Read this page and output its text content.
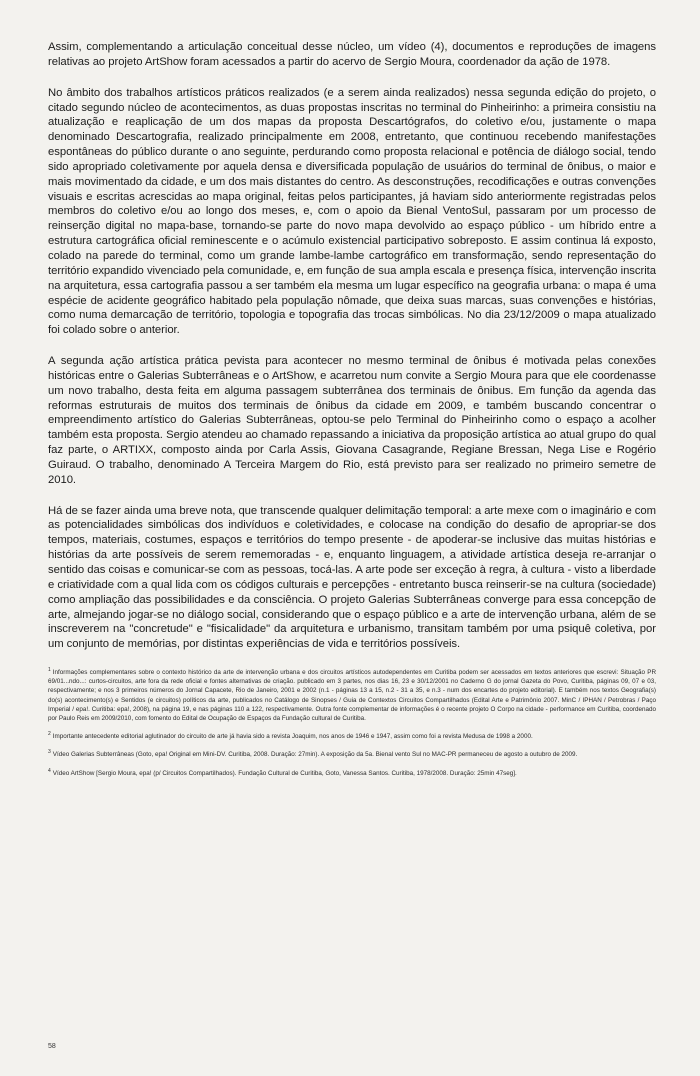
Assim, complementando a articulação conceitual desse núcleo, um vídeo (4), documentos e reproduções de imagens relativas ao projeto ArtShow foram acessados a partir do acervo de Sergio Moura, coordenador da ação de 1978.

No âmbito dos trabalhos artísticos práticos realizados (e a serem ainda realizados) nessa segunda edição do projeto, o citado segundo núcleo de acontecimentos, as duas propostas inscritas no terminal do Pinheirinho: a primeira consistiu na atualização e reaplicação de um dos mapas da proposta Descartógrafos, do coletivo e/ou, justamente o mapa denominado Descartografia, realizado principalmente em 2008, entretanto, que continuou recebendo manifestações espontâneas do público durante o ano seguinte, perdurando como proposta relacional e potência de diálogo social, tendo sido apropriado coletivamente por aquela densa e diversificada população de usuários do terminal de ônibus, o maior e mais movimentado da cidade, e um dos mais distantes do centro. As desconstruções, recodificações e outras convenções visuais e escritas acrescidas ao mapa original, feitas pelos participantes, já haviam sido anteriormente registradas pelos membros do coletivo e/ou ao longo dos meses, e, com o apoio da Bienal VentoSul, passaram por um processo de reinserção digital no mapa-base, tornando-se parte do novo mapa devolvido ao espaço público - um híbrido entre a estrutura cartográfica oficial reminescente e o acúmulo existencial participativo sobreposto. E assim continua lá exposto, colado na parede do terminal, como um grande lambe-lambe cartográfico em transformação, sendo representação do território expandido vivenciado pela comunidade, e, em função de sua ampla escala e presença física, intervenção inscrita na arquitetura, essa cartografia passou a ser também ela mesma um lugar específico na geografia urbana: o mapa é uma espécie de acidente geográfico habitado pela população nômade, que deixa suas marcas, suas convenções e histórias, como numa demarcação de território, topologia e topografia das trocas simbólicas. No dia 23/12/2009 o mapa atualizado foi colado sobre o anterior.

A segunda ação artística prática pevista para acontecer no mesmo terminal de ônibus é motivada pelas conexões históricas entre o Galerias Subterrâneas e o ArtShow, e acarretou num convite a Sergio Moura para que ele coordenasse um novo trabalho, desta feita em alguma passagem subterrânea dos terminais de ônibus. Em função da agenda das reformas estruturais de muitos dos terminais de ônibus da cidade em 2009, e também buscando concentrar o empreendimento artístico do Galerias Subterrâneas, optou-se pelo Terminal do Pinheirinho como o espaço a acolher também esta proposta. Sergio atendeu ao chamado repassando a iniciativa da proposição artística ao atual grupo do qual faz parte, o ARTIXX, composto ainda por Carla Assis, Giovana Casagrande, Regiane Bressan, Nega Lise e Rogério Guiraud. O trabalho, denominado A Terceira Margem do Rio, está previsto para ser realizado no primeiro semetre de 2010.

Há de se fazer ainda uma breve nota, que transcende qualquer delimitação temporal: a arte mexe com o imaginário e com as potencialidades simbólicas dos indivíduos e coletividades, e colocase na condição do desafio de apropriar-se dos tempos, materiais, costumes, espaços e territórios do tempo presente - de apoderar-se inclusive das muitas histórias e histórias da arte possíveis de serem rememoradas - e, enquanto linguagem, a atividade artística deseja re-arranjar o sentido das coisas e comunicar-se com as pessoas, tocá-las. A arte pode ser exceção à regra, à cultura - visto a liberdade e criatividade com a qual lida com os códigos culturais e percepções - entretanto busca reinserir-se na cultura (sociedade) como ampliação das possibilidades e da consciência. O projeto Galerias Subterrâneas converge para essa concepção de arte, almejando jogar-se no diálogo social, considerando que o espaço público e a arte de intervenção urbana, além de se inscreverem na "concretude" e "fisicalidade" da arquitetura e urbanismo, transitam também por uma psiquê coletiva, por um conjunto de memórias, por distintas experiências de vida e territórios possíveis.

$^1$ Informações complementares sobre o contexto histórico da arte de intervenção urbana e dos circuitos artísticos autodependentes em Curitiba podem ser acessados em textos anteriores que escrevi: Situação PR 69/01...ndo...: curtos-circuitos, arte fora da rede oficial e fontes alternativas de criação. publicado em 3 partes, nos dias 16, 23 e 30/12/2001 no Caderno G do jornal Gazeta do Povo, Curitiba, páginas 09, 07 e 03, respectivamente; e nos 3 primeiros números do Jornal Capacete, Rio de Janeiro, 2001 e 2002 (n.1 - páginas 13 a 15, n.2 - 31 a 35, e n.3 - num dos encartes do projeto editorial). E também nos textos Geografia(s) do(s) acontecimento(s) e Sentidos (e circuitos) políticos da arte, publicados no Catálogo de Sinopses / Guia de Contextos Circuitos Compartilhados (Edital Arte e Patrimônio 2007. MinC / IPHAN / Petrobras / Paço Imperial / epa!. Curitiba: epa!, 2008), na página 19, e nas páginas 110 a 122, respectivamente. Outra fonte complementar de informações é o recente projeto O Corpo na cidade - performance em Curitiba, coordenado por Paulo Reis em 2009/2010, com fomento do Edital de Ocupação de Espaços da Fundação cultural de Curitiba.

$^2$ Importante antecedente editorial aglutinador do circuito de arte já havia sido a revista Joaquim, nos anos de 1946 e 1947, assim como foi a revista Medusa de 1998 a 2000.

$^3$ Vídeo Galerias Subterrâneas (Goto, epa! Original em Mini-DV. Curitiba, 2008. Duração: 27min). A exposição da 5a. Bienal vento Sul no MAC-PR permaneceu de agosto a outubro de 2009.

$^4$ Vídeo ArtShow [Sergio Moura, epa! (p/ Circuitos Compartilhados). Fundação Cultural de Curitiba, Goto, Vanessa Santos. Curitiba, 1978/2008. Duração: 25min 47seg].

58
